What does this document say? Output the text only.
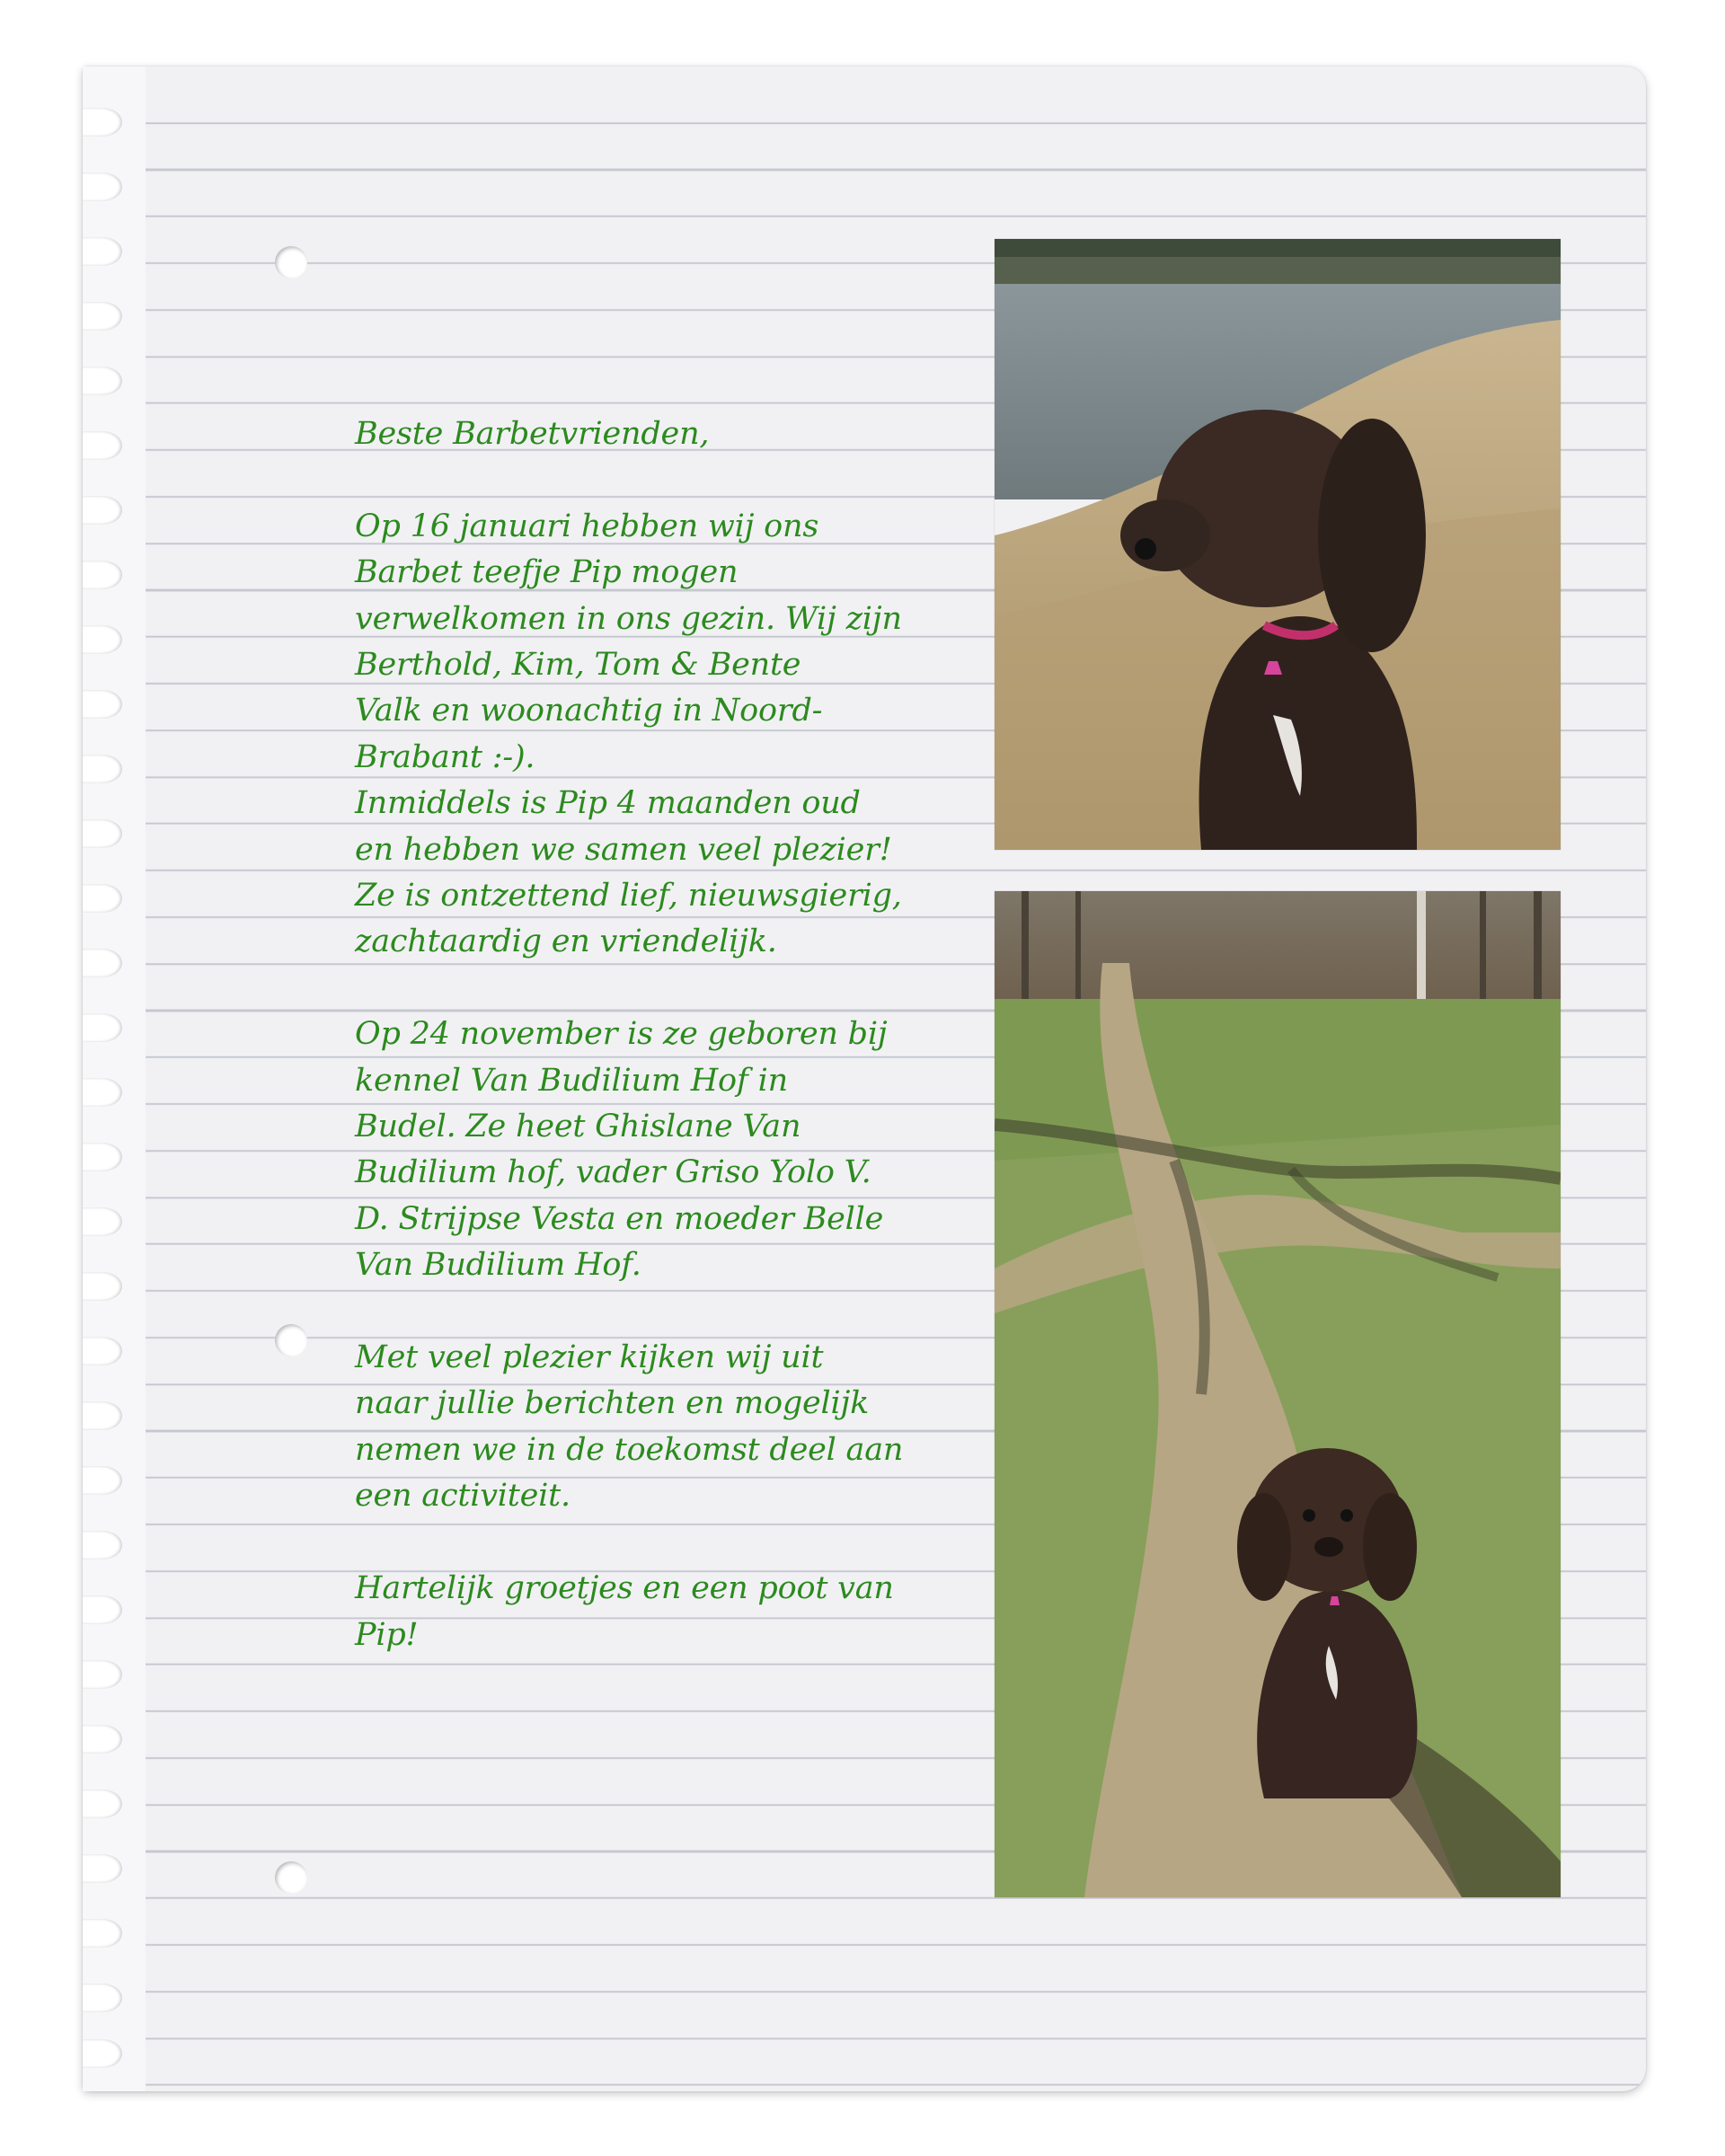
Beste Barbetvrienden,

Op 16 januari hebben wij ons
Barbet teefje Pip mogen
verwelkomen in ons gezin. Wij zijn
Berthold, Kim, Tom & Bente
Valk en woonachtig in Noord-
Brabant :-).
Inmiddels is Pip 4 maanden oud
en hebben we samen veel plezier!
Ze is ontzettend lief, nieuwsgierig,
zachtaardig en vriendelijk.

Op 24 november is ze geboren bij
kennel Van Budilium Hof in
Budel. Ze heet Ghislane Van
Budilium hof, vader Griso Yolo V.
D. Strijpse Vesta en moeder Belle
Van Budilium Hof.

Met veel plezier kijken wij uit
naar jullie berichten en mogelijk
nemen we in de toekomst deel aan
een activiteit.

Hartelijk groetjes en een poot van
Pip!
